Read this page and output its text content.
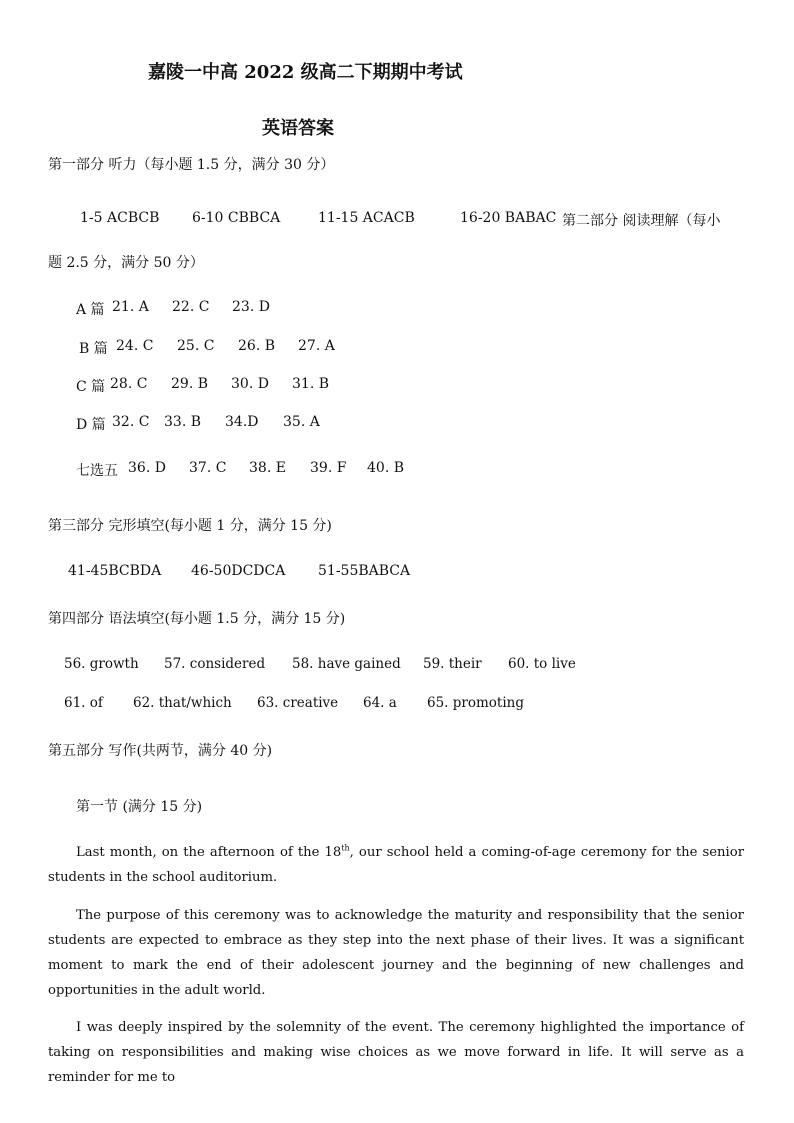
嘉陵一中高 2022 级高二下期期中考试
英语答案
第一部分 听力（每小题 1.5 分，满分 30 分）
1-5 ACBCB 6-10 CBBCA	11-15 ACACB	16-20 BABAC 第二部分 阅读理解（每小
题 2.5 分，满分 50 分）
A 篇 21. A 22. C 23. D
B 篇 24. C 25. C 26. B 27. A
C 篇 28. C 29. B 30. D 31. B
D 篇 32. C 33. B 34.D 35. A
七选五 36. D 37. C 38. E 39. F 40. B
第三部分 完形填空(每小题 1 分，满分 15 分)
41-45BCBDA 46-50DCDCA 51-55BABCA
第四部分 语法填空(每小题 1.5 分，满分 15 分)
56. growth 57. considered 58. have gained 59. their 60. to live
61. of 62. that/which 63. creative 64. a 65. promoting
第五部分 写作(共两节，满分 40 分)
第一节 (满分 15 分)
Last month, on the afternoon of the 18th, our school held a coming-of-age ceremony for the senior students in the school auditorium.
The purpose of this ceremony was to acknowledge the maturity and responsibility that the senior students are expected to embrace as they step into the next phase of their lives. It was a significant moment to mark the end of their adolescent journey and the beginning of new challenges and opportunities in the adult world.
I was deeply inspired by the solemnity of the event. The ceremony highlighted the importance of taking on responsibilities and making wise choices as we move forward in life. It will serve as a reminder for me to
